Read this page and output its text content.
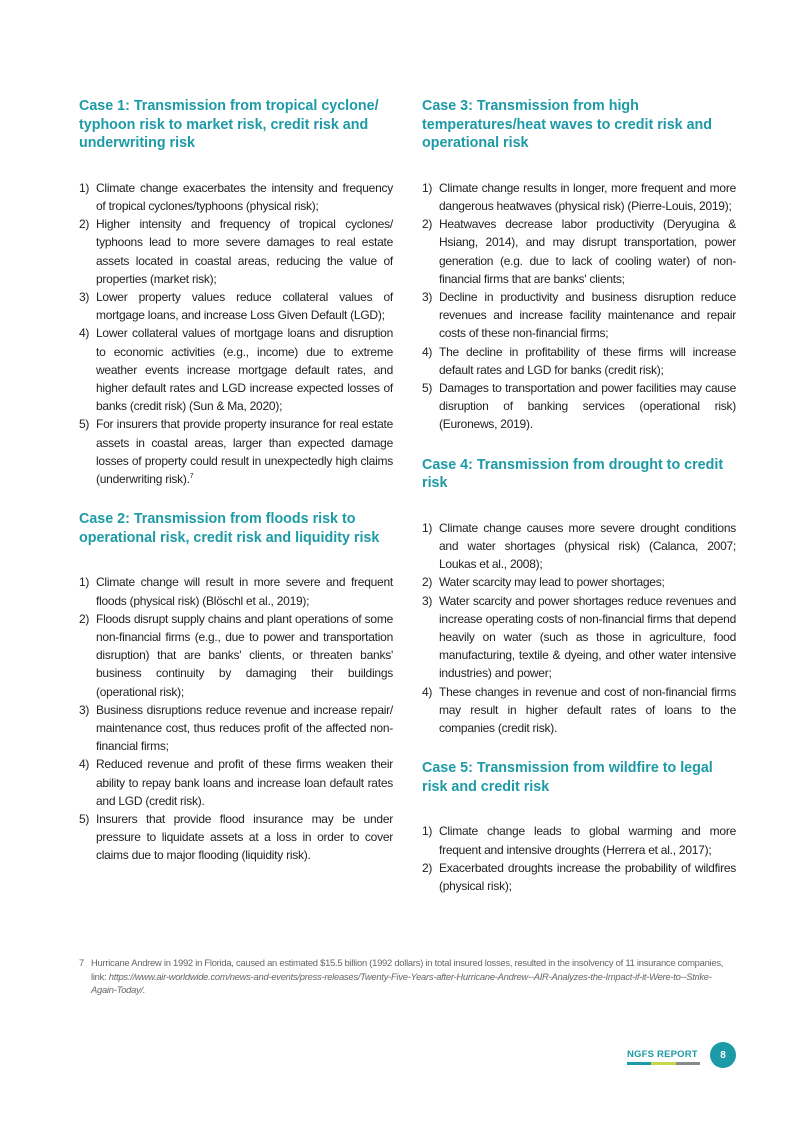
Case 1: Transmission from tropical cyclone/ typhoon risk to market risk, credit risk and underwriting risk
1) Climate change exacerbates the intensity and frequency of tropical cyclones/typhoons (physical risk);
2) Higher intensity and frequency of tropical cyclones/ typhoons lead to more severe damages to real estate assets located in coastal areas, reducing the value of properties (market risk);
3) Lower property values reduce collateral values of mortgage loans, and increase Loss Given Default (LGD);
4) Lower collateral values of mortgage loans and disruption to economic activities (e.g., income) due to extreme weather events increase mortgage default rates, and higher default rates and LGD increase expected losses of banks (credit risk) (Sun & Ma, 2020);
5) For insurers that provide property insurance for real estate assets in coastal areas, larger than expected damage losses of property could result in unexpectedly high claims (underwriting risk).$^7$
Case 2: Transmission from floods risk to operational risk, credit risk and liquidity risk
1) Climate change will result in more severe and frequent floods (physical risk) (Blöschl et al., 2019);
2) Floods disrupt supply chains and plant operations of some non-financial firms (e.g., due to power and transportation disruption) that are banks' clients, or threaten banks' business continuity by damaging their buildings (operational risk);
3) Business disruptions reduce revenue and increase repair/ maintenance cost, thus reduces profit of the affected non-financial firms;
4) Reduced revenue and profit of these firms weaken their ability to repay bank loans and increase loan default rates and LGD (credit risk).
5) Insurers that provide flood insurance may be under pressure to liquidate assets at a loss in order to cover claims due to major flooding (liquidity risk).
Case 3: Transmission from high temperatures/heat waves to credit risk and operational risk
1) Climate change results in longer, more frequent and more dangerous heatwaves (physical risk) (Pierre-Louis, 2019);
2) Heatwaves decrease labor productivity (Deryugina & Hsiang, 2014), and may disrupt transportation, power generation (e.g. due to lack of cooling water) of non-financial firms that are banks' clients;
3) Decline in productivity and business disruption reduce revenues and increase facility maintenance and repair costs of these non-financial firms;
4) The decline in profitability of these firms will increase default rates and LGD for banks (credit risk);
5) Damages to transportation and power facilities may cause disruption of banking services (operational risk) (Euronews, 2019).
Case 4: Transmission from drought to credit risk
1) Climate change causes more severe drought conditions and water shortages (physical risk) (Calanca, 2007; Loukas et al., 2008);
2) Water scarcity may lead to power shortages;
3) Water scarcity and power shortages reduce revenues and increase operating costs of non-financial firms that depend heavily on water (such as those in agriculture, food manufacturing, textile & dyeing, and other water intensive industries) and power;
4) These changes in revenue and cost of non-financial firms may result in higher default rates of loans to the companies (credit risk).
Case 5: Transmission from wildfire to legal risk and credit risk
1) Climate change leads to global warming and more frequent and intensive droughts (Herrera et al., 2017);
2) Exacerbated droughts increase the probability of wildfires (physical risk);
7 Hurricane Andrew in 1992 in Florida, caused an estimated $15.5 billion (1992 dollars) in total insured losses, resulted in the insolvency of 11 insurance companies, link: https://www.air-worldwide.com/news-and-events/press-releases/Twenty-Five-Years-after-Hurricane-Andrew--AIR-Analyzes-the-Impact-if-it-Were-to--Strike-Again-Today/.
NGFS REPORT	8
